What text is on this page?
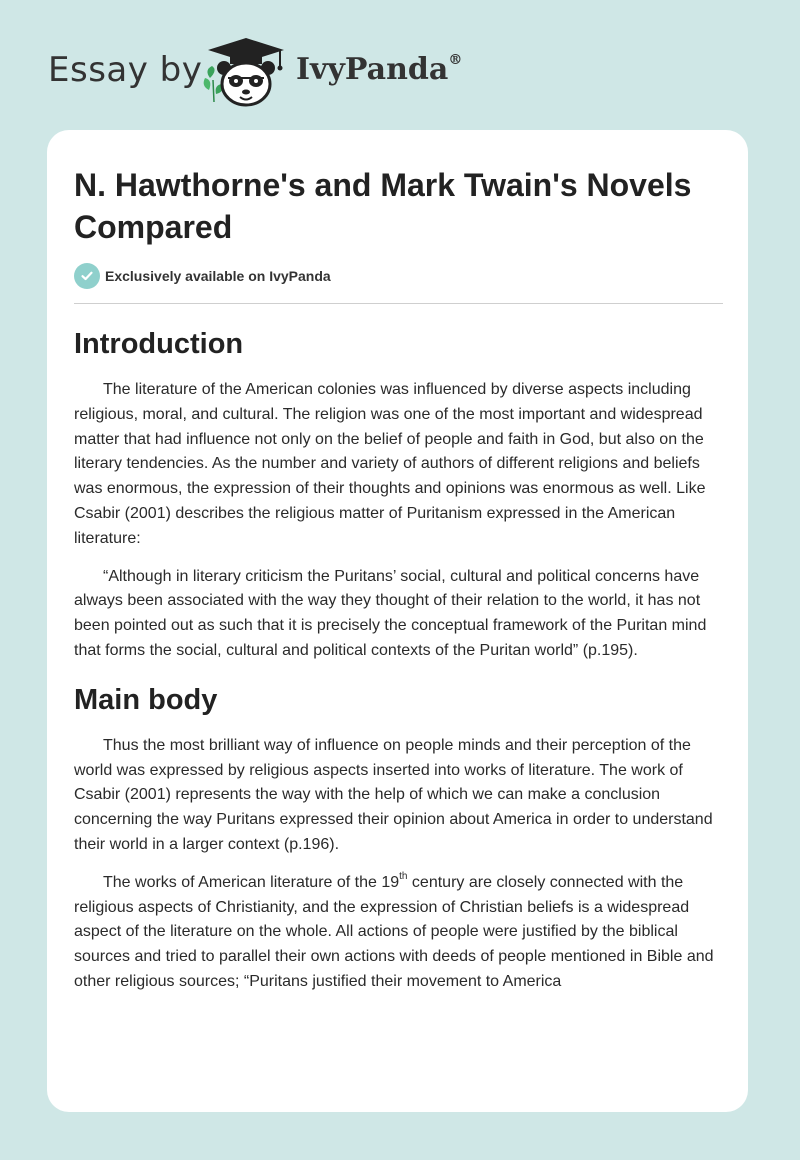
Essay by	IvyPanda®
N. Hawthorne's and Mark Twain's Novels Compared
Exclusively available on IvyPanda
Introduction

The literature of the American colonies was influenced by diverse aspects including religious, moral, and cultural. The religion was one of the most important and widespread matter that had influence not only on the belief of people and faith in God, but also on the literary tendencies. As the number and variety of authors of different religions and beliefs was enormous, the expression of their thoughts and opinions was enormous as well. Like Csabir (2001) describes the religious matter of Puritanism expressed in the American literature:

“Although in literary criticism the Puritans’ social, cultural and political concerns have always been associated with the way they thought of their relation to the world, it has not been pointed out as such that it is precisely the conceptual framework of the Puritan mind that forms the social, cultural and political contexts of the Puritan world” (p.195).

Main body

Thus the most brilliant way of influence on people minds and their perception of the world was expressed by religious aspects inserted into works of literature. The work of Csabir (2001) represents the way with the help of which we can make a conclusion concerning the way Puritans expressed their opinion about America in order to understand their world in a larger context (p.196).

The works of American literature of the 19th century are closely connected with the religious aspects of Christianity, and the expression of Christian beliefs is a widespread aspect of the literature on the whole. All actions of people were justified by the biblical sources and tried to parallel their own actions with deeds of people mentioned in Bible and other religious sources; “Puritans justified their movement to America
